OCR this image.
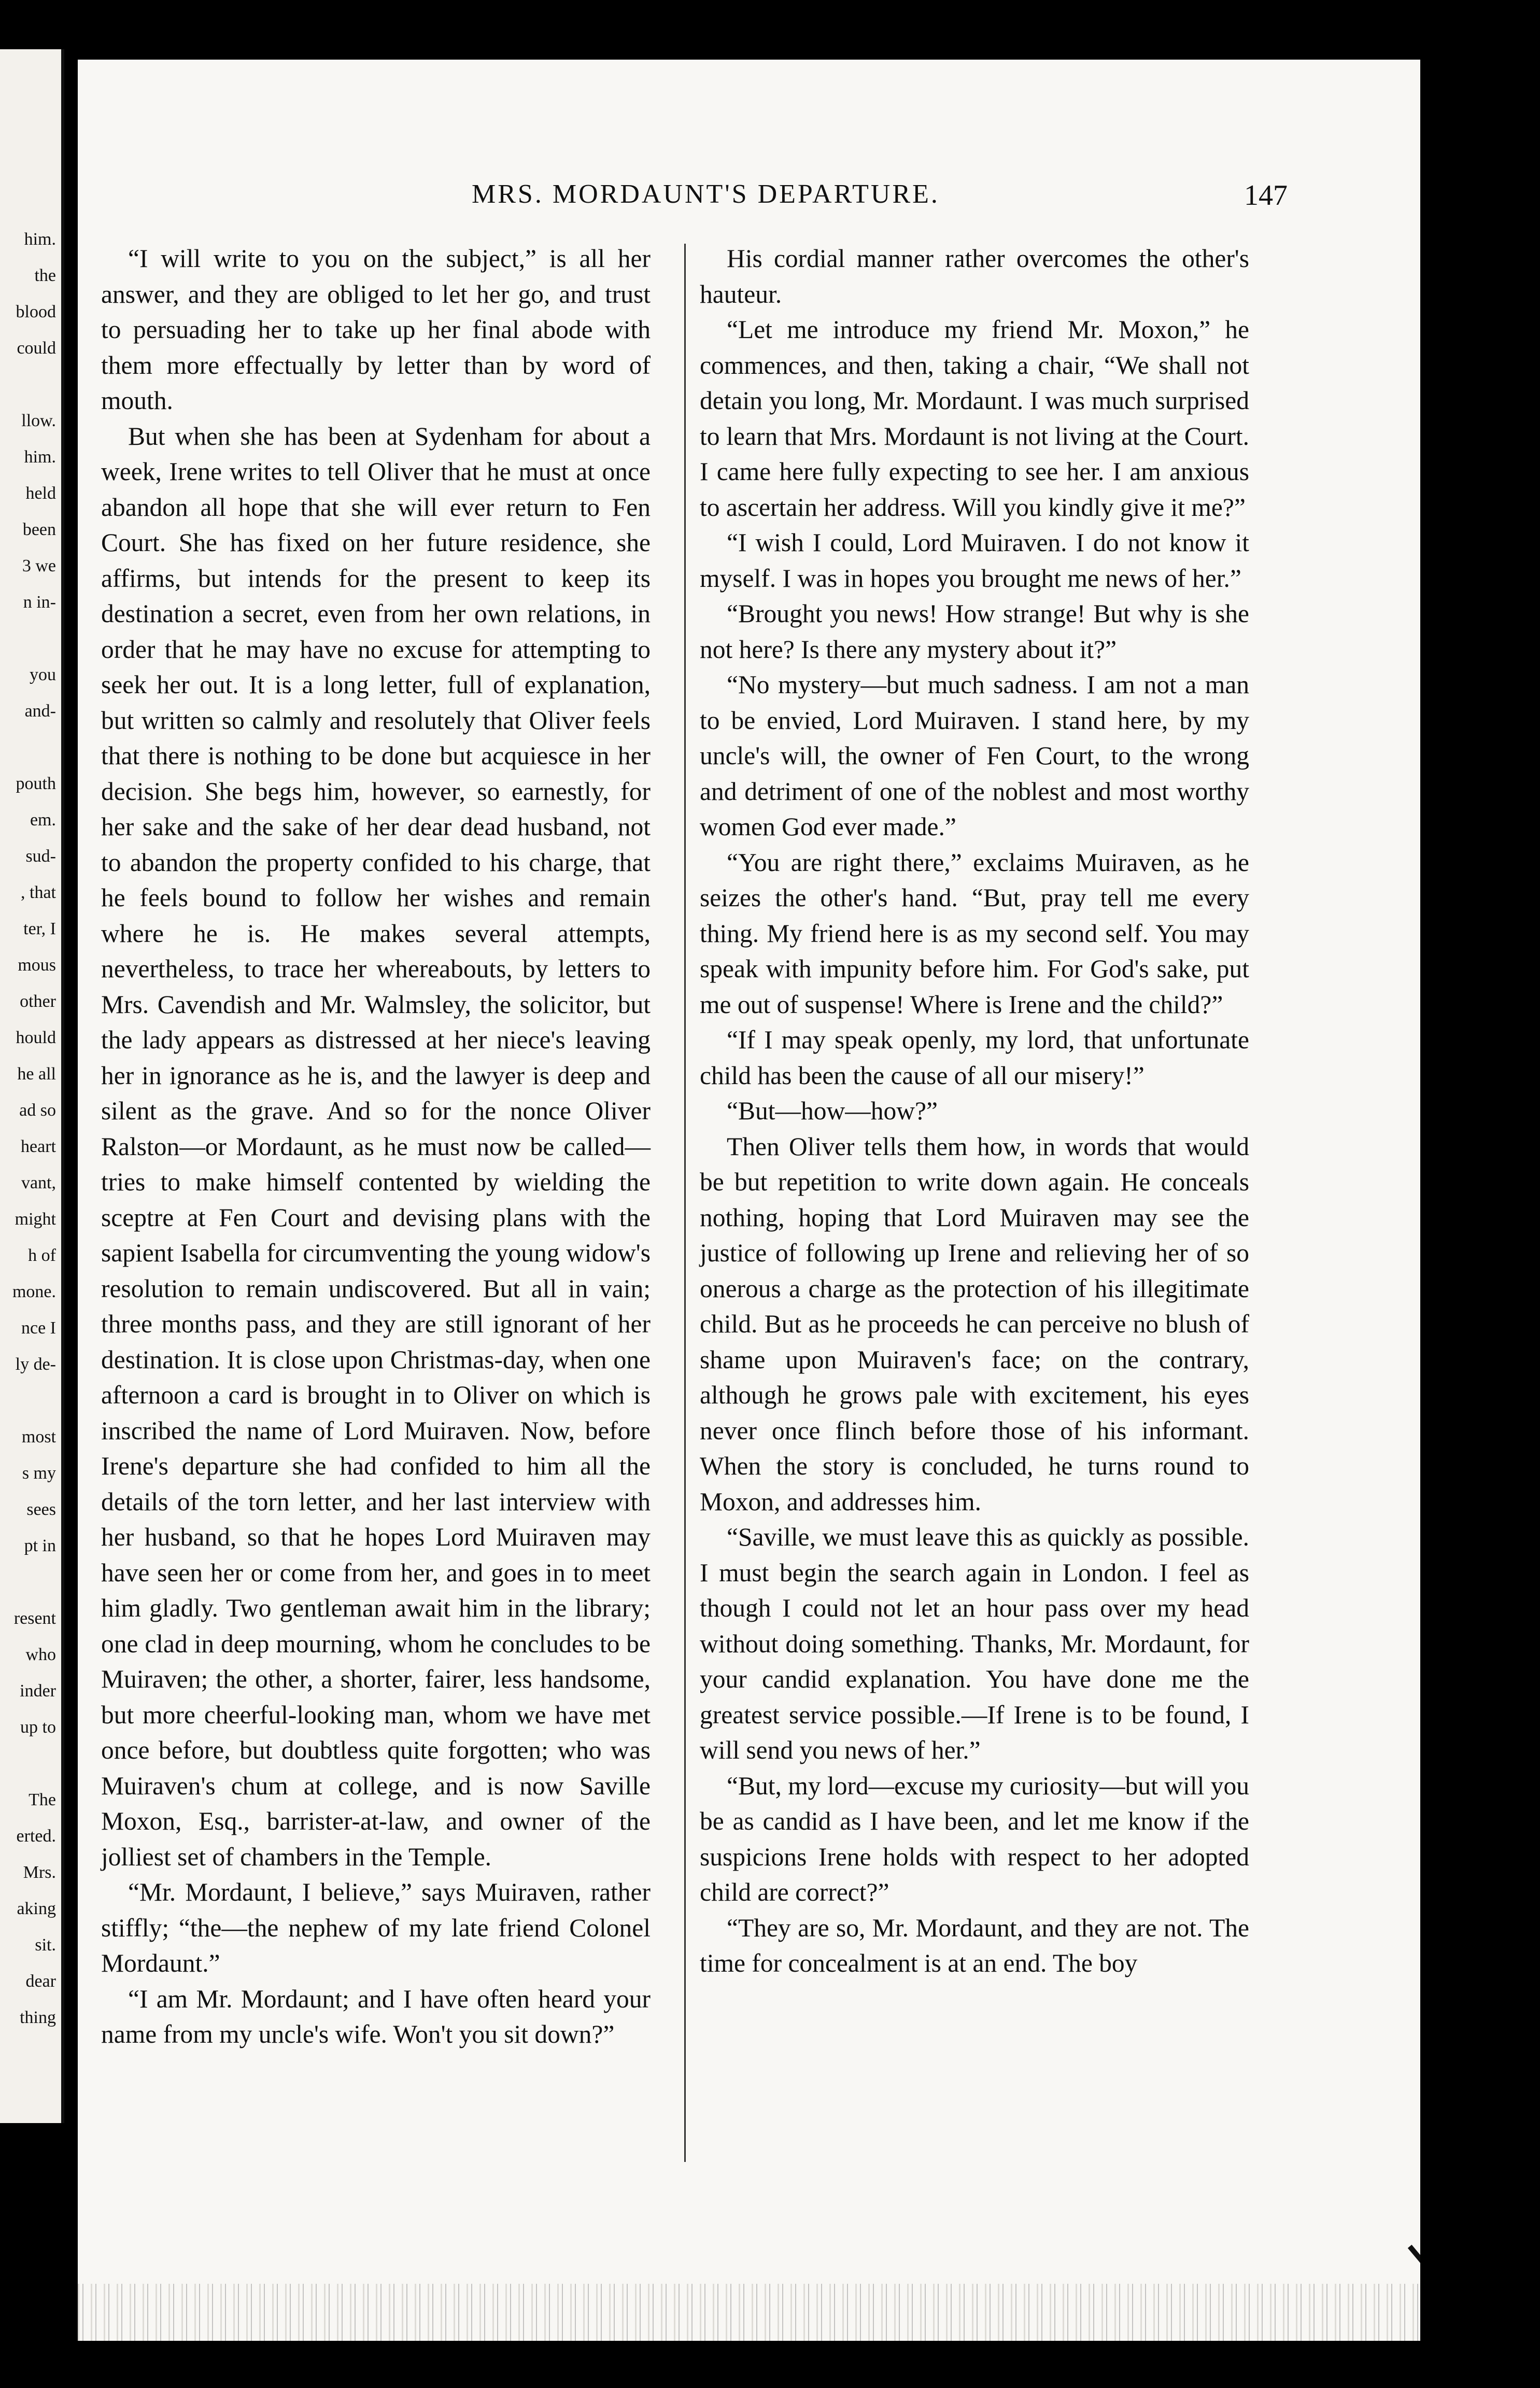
him.
the
blood
could
llow.
him.
held
been
3 we
n in-
you
and-
pouth
em.
sud-
, that
ter, I
mous
other
hould
he all
ad so
heart
vant,
might
h of
mone.
nce I
ly de-
most
s my
sees
pt in
resent
who
inder
up to
The
erted.
Mrs.
aking
sit.
dear
thing
MRS. MORDAUNT'S DEPARTURE.	147

“I will write to you on the subject,” is all her answer, and they are obliged to let her go, and trust to persuading her to take up her final abode with them more effectually by letter than by word of mouth.

But when she has been at Sydenham for about a week, Irene writes to tell Oliver that he must at once abandon all hope that she will ever return to Fen Court. She has fixed on her future residence, she affirms, but intends for the present to keep its destination a secret, even from her own relations, in order that he may have no excuse for attempting to seek her out. It is a long letter, full of explanation, but written so calmly and resolutely that Oliver feels that there is nothing to be done but acquiesce in her decision. She begs him, however, so earnestly, for her sake and the sake of her dear dead husband, not to abandon the property confided to his charge, that he feels bound to follow her wishes and remain where he is. He makes several attempts, nevertheless, to trace her whereabouts, by letters to Mrs. Cavendish and Mr. Walmsley, the solicitor, but the lady appears as distressed at her niece's leaving her in ignorance as he is, and the lawyer is deep and silent as the grave. And so for the nonce Oliver Ralston—or Mordaunt, as he must now be called—tries to make himself contented by wielding the sceptre at Fen Court and devising plans with the sapient Isabella for circumventing the young widow's resolution to remain undiscovered. But all in vain; three months pass, and they are still ignorant of her destination. It is close upon Christmas-day, when one afternoon a card is brought in to Oliver on which is inscribed the name of Lord Muiraven. Now, before Irene's departure she had confided to him all the details of the torn letter, and her last interview with her husband, so that he hopes Lord Muiraven may have seen her or come from her, and goes in to meet him gladly. Two gentleman await him in the library; one clad in deep mourning, whom he concludes to be Muiraven; the other, a shorter, fairer, less handsome, but more cheerful-looking man, whom we have met once before, but doubtless quite forgotten; who was Muiraven's chum at college, and is now Saville Moxon, Esq., barrister-at-law, and owner of the jolliest set of chambers in the Temple.

“Mr. Mordaunt, I believe,” says Muiraven, rather stiffly; “the—the nephew of my late friend Colonel Mordaunt.”

“I am Mr. Mordaunt; and I have often heard your name from my uncle's wife. Won't you sit down?”

His cordial manner rather overcomes the other's hauteur.

“Let me introduce my friend Mr. Moxon,” he commences, and then, taking a chair, “We shall not detain you long, Mr. Mordaunt. I was much surprised to learn that Mrs. Mordaunt is not living at the Court. I came here fully expecting to see her. I am anxious to ascertain her address. Will you kindly give it me?”

“I wish I could, Lord Muiraven. I do not know it myself. I was in hopes you brought me news of her.”

“Brought you news! How strange! But why is she not here? Is there any mystery about it?”

“No mystery—but much sadness. I am not a man to be envied, Lord Muiraven. I stand here, by my uncle's will, the owner of Fen Court, to the wrong and detriment of one of the noblest and most worthy women God ever made.”

“You are right there,” exclaims Muiraven, as he seizes the other's hand. “But, pray tell me every thing. My friend here is as my second self. You may speak with impunity before him. For God's sake, put me out of suspense! Where is Irene and the child?”

“If I may speak openly, my lord, that unfortunate child has been the cause of all our misery!”

“But—how—how?”

Then Oliver tells them how, in words that would be but repetition to write down again. He conceals nothing, hoping that Lord Muiraven may see the justice of following up Irene and relieving her of so onerous a charge as the protection of his illegitimate child. But as he proceeds he can perceive no blush of shame upon Muiraven's face; on the contrary, although he grows pale with excitement, his eyes never once flinch before those of his informant. When the story is concluded, he turns round to Moxon, and addresses him.

“Saville, we must leave this as quickly as possible. I must begin the search again in London. I feel as though I could not let an hour pass over my head without doing something. Thanks, Mr. Mordaunt, for your candid explanation. You have done me the greatest service possible.—If Irene is to be found, I will send you news of her.”

“But, my lord—excuse my curiosity—but will you be as candid as I have been, and let me know if the suspicions Irene holds with respect to her adopted child are correct?”

“They are so, Mr. Mordaunt, and they are not. The time for concealment is at an end. The boy
